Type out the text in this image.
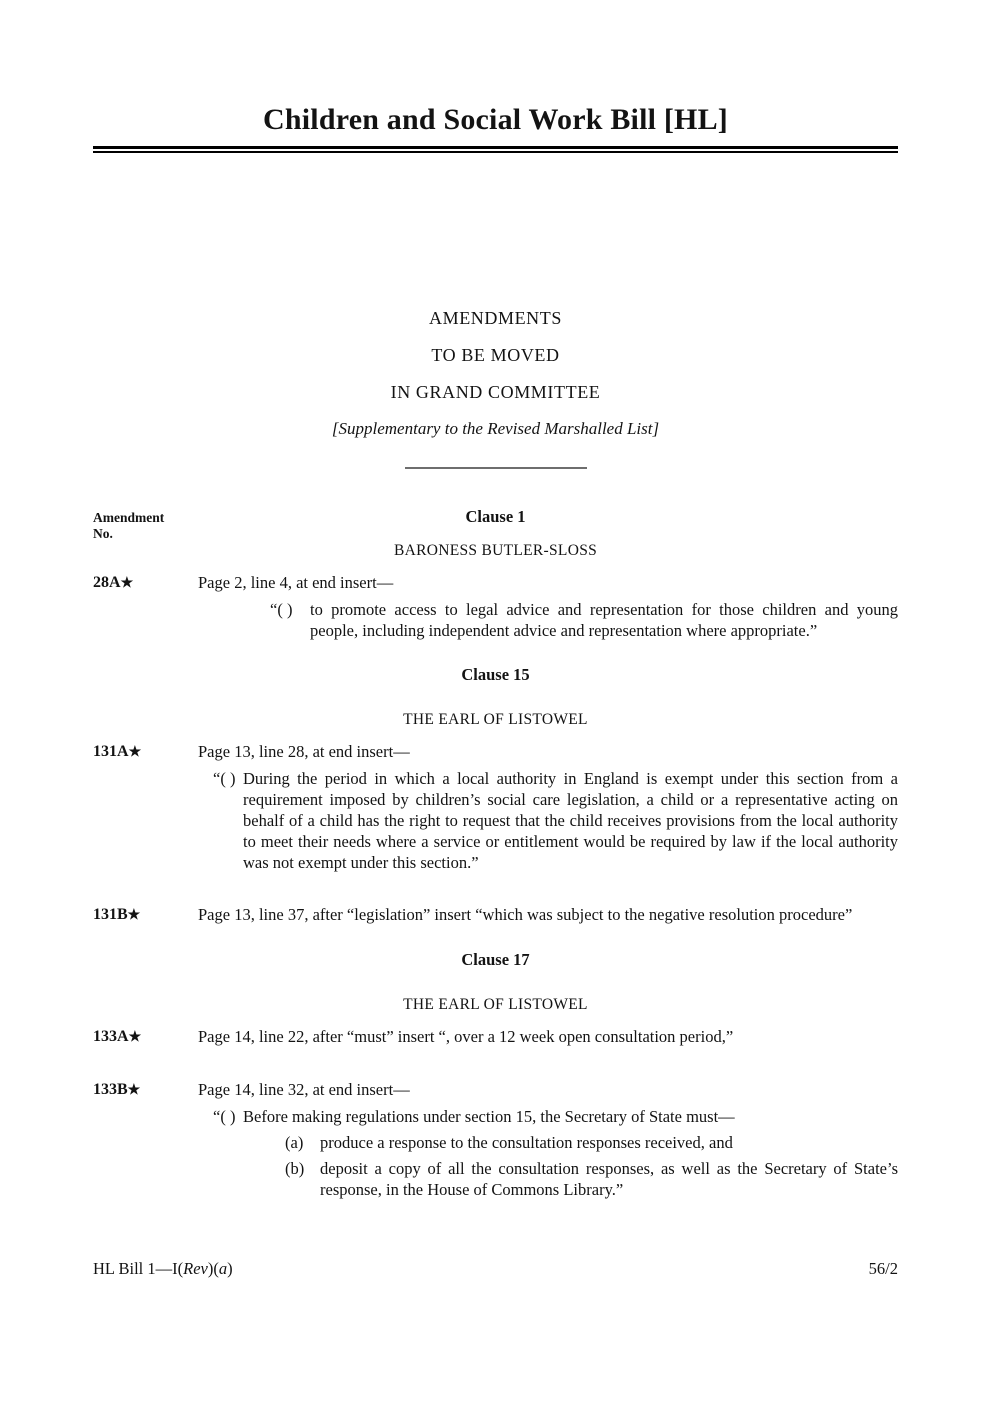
Children and Social Work Bill [HL]
AMENDMENTS
TO BE MOVED
IN GRAND COMMITTEE
[Supplementary to the Revised Marshalled List]
Amendment
No.
Clause 1
BARONESS BUTLER-SLOSS
28A★	Page 2, line 4, at end insert—
“( ) to promote access to legal advice and representation for those children and young people, including independent advice and representation where appropriate.”
Clause 15
THE EARL OF LISTOWEL
131A★	Page 13, line 28, at end insert—
“( ) During the period in which a local authority in England is exempt under this section from a requirement imposed by children’s social care legislation, a child or a representative acting on behalf of a child has the right to request that the child receives provisions from the local authority to meet their needs where a service or entitlement would be required by law if the local authority was not exempt under this section.”
131B★	Page 13, line 37, after “legislation” insert “which was subject to the negative resolution procedure”
Clause 17
THE EARL OF LISTOWEL
133A★	Page 14, line 22, after “must” insert “, over a 12 week open consultation period,”
133B★	Page 14, line 32, at end insert—
“( ) Before making regulations under section 15, the Secretary of State must—
(a) produce a response to the consultation responses received, and
(b) deposit a copy of all the consultation responses, as well as the Secretary of State’s response, in the House of Commons Library.”
HL Bill 1—I(Rev)(a)	56/2
